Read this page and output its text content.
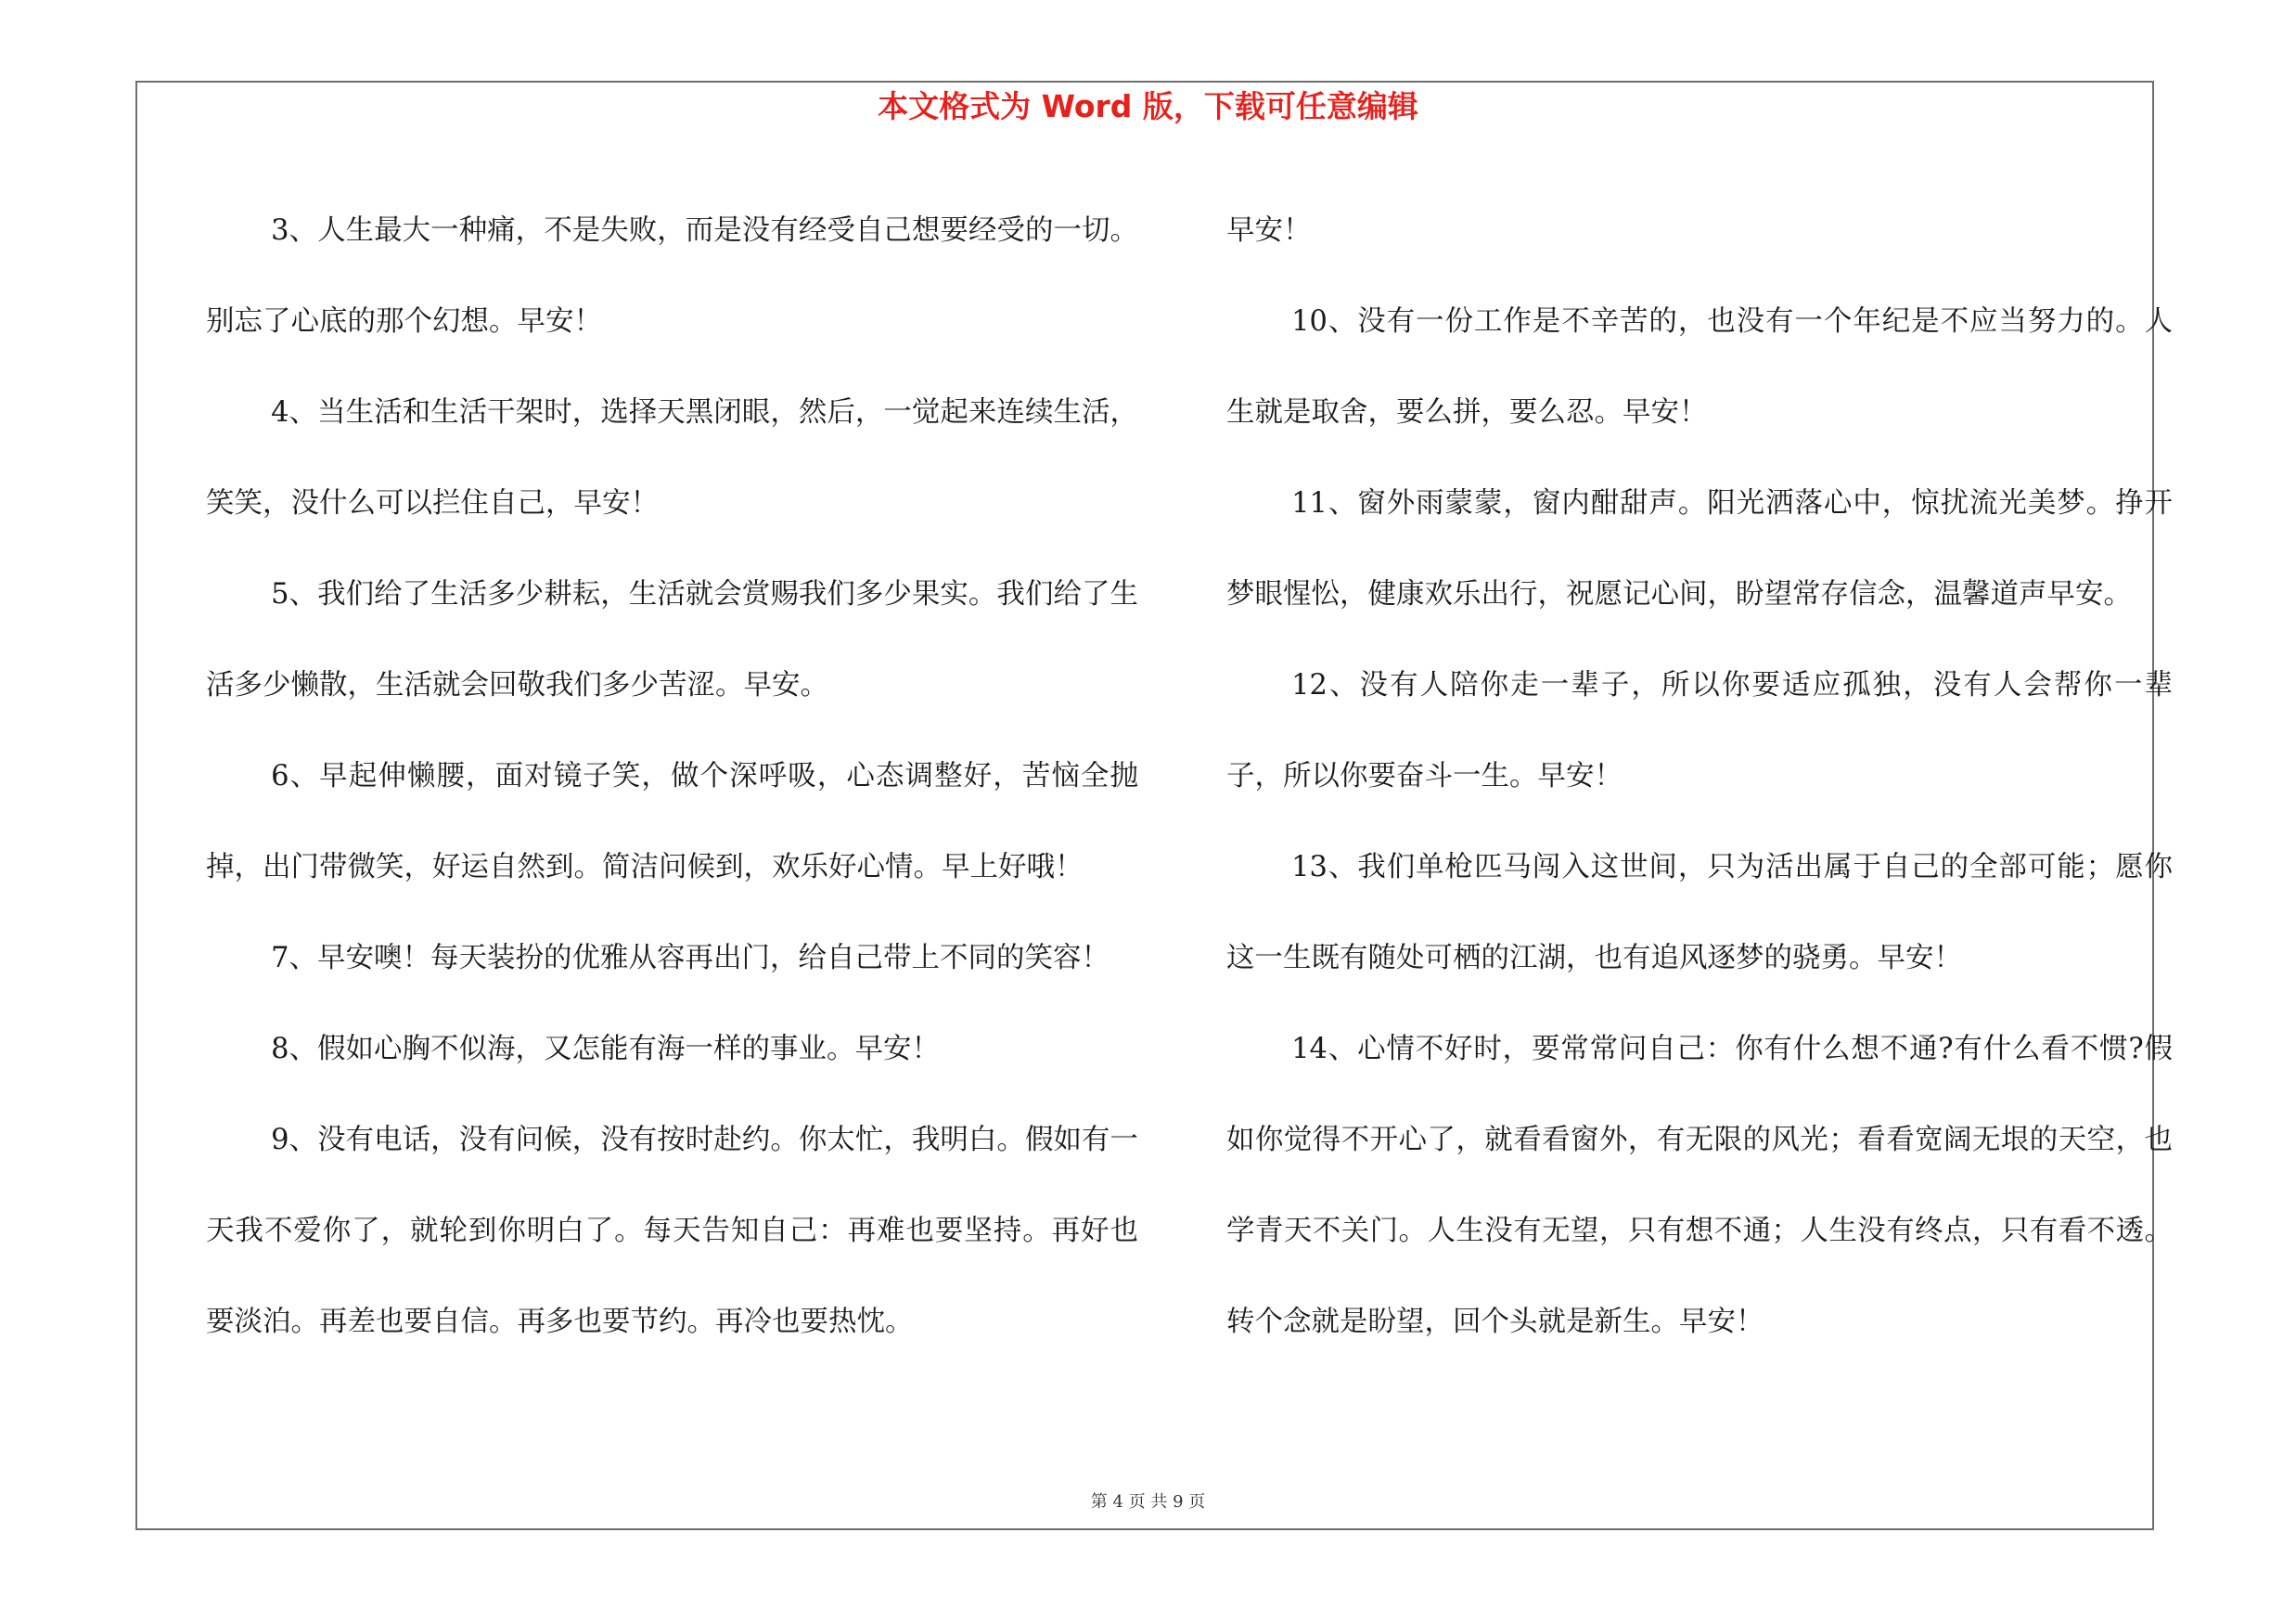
本文格式为 Word 版，下载可任意编辑

3、人生最大一种痛，不是失败，而是没有经受自己想要经受的一切。别忘了心底的那个幻想。早安！

4、当生活和生活干架时，选择天黑闭眼，然后，一觉起来连续生活，笑笑，没什么可以拦住自己，早安！

5、我们给了生活多少耕耘，生活就会赏赐我们多少果实。我们给了生活多少懒散，生活就会回敬我们多少苦涩。早安。

6、早起伸懒腰，面对镜子笑，做个深呼吸，心态调整好，苦恼全抛掉，出门带微笑，好运自然到。简洁问候到，欢乐好心情。早上好哦！

7、早安噢！每天装扮的优雅从容再出门，给自己带上不同的笑容！

8、假如心胸不似海，又怎能有海一样的事业。早安！

9、没有电话，没有问候，没有按时赴约。你太忙，我明白。假如有一天我不爱你了，就轮到你明白了。每天告知自己：再难也要坚持。再好也要淡泊。再差也要自信。再多也要节约。再冷也要热忱。

早安！

10、没有一份工作是不辛苦的，也没有一个年纪是不应当努力的。人生就是取舍，要么拼，要么忍。早安！

11、窗外雨蒙蒙，窗内酣甜声。阳光洒落心中，惊扰流光美梦。挣开梦眼惺忪，健康欢乐出行，祝愿记心间，盼望常存信念，温馨道声早安。

12、没有人陪你走一辈子，所以你要适应孤独，没有人会帮你一辈子，所以你要奋斗一生。早安！

13、我们单枪匹马闯入这世间，只为活出属于自己的全部可能；愿你这一生既有随处可栖的江湖，也有追风逐梦的骁勇。早安！

14、心情不好时，要常常问自己：你有什么想不通?有什么看不惯?假如你觉得不开心了，就看看窗外，有无限的风光；看看宽阔无垠的天空，也学青天不关门。人生没有无望，只有想不通；人生没有终点，只有看不透。转个念就是盼望，回个头就是新生。早安！

第 4 页 共 9 页
